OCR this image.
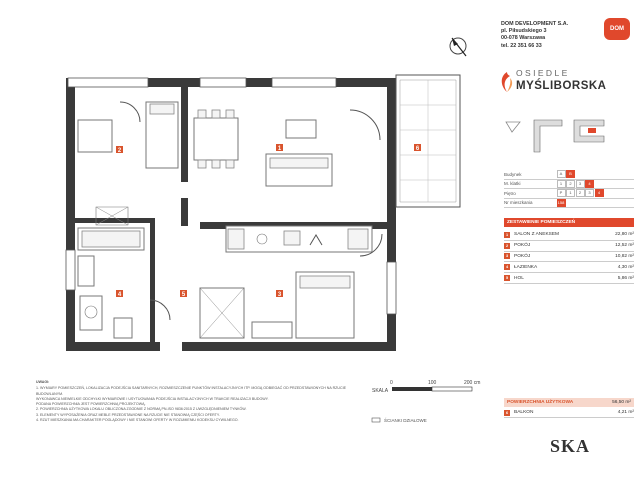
1
2
3
4	5
6
SKALA
0	100	200 cm
ŚCIANKI DZIAŁOWE
UWAGI:

1. WYMIARY POMIESZCZEŃ, LOKALIZACJA PODEJŚCIA SANITARNYCH, ROZMIESZCZENIE PUNKTÓW INSTALACYJNYCH ITP. MOGĄ ODBIEGAĆ OD PRZEDSTAWIONYCH NA RZUCIE BUDOWLANYM.

WYKONAWCA NIEWIELKIE ODCHYŁKI WYMIAROWE I USYTUOWANIA PODEJŚCIA INSTALACYJNYCH W TRAKCIE REALIZACJI BUDOWY.

PODANA POWIERZCHNIA JEST POWIERZCHNIĄ PROJEKTOWĄ.

2. POWIERZCHNIA UŻYTKOWA LOKALU OBLICZONA ZGODNIE Z NORMĄ PN-ISO 9836:2015 Z UWZGLĘDNIENIEM TYNKÓW.

3. ELEMENTY WYPOSAŻENIA ORAZ MEBLE PRZEDSTAWIONE NA RZUCIE NIE STANOWIĄ CZĘŚCI OFERTY.

4. RZUT MIESZKANIA MA CHARAKTER POGLĄDOWY I NIE STANOWI OFERTY W ROZUMIENIU KODEKSU CYWILNEGO.

DOM DEVELOPMENT S.A.
pl. Piłsudskiego 3
00-078 Warszawa
tel. 22 351 66 33
DOM
OSIEDLE
MYŚLIBORSKA
Budynek	A	B
M. klatki	1	2	3	4
Piętro	P	1	2	3	4
Nr mieszkania	158
ZESTAWIENIE POMIESZCZEŃ
1	SALON Z ANEKSEM	22,80 m²
2	POKÓJ	12,52 m²
3	POKÓJ	10,82 m²
4	ŁAZIENKA	4,30 m²
5	HOL	5,86 m²
POWIERZCHNIA UŻYTKOWA	56,50 m²
6	BALKON	4,21 m²
SKA
